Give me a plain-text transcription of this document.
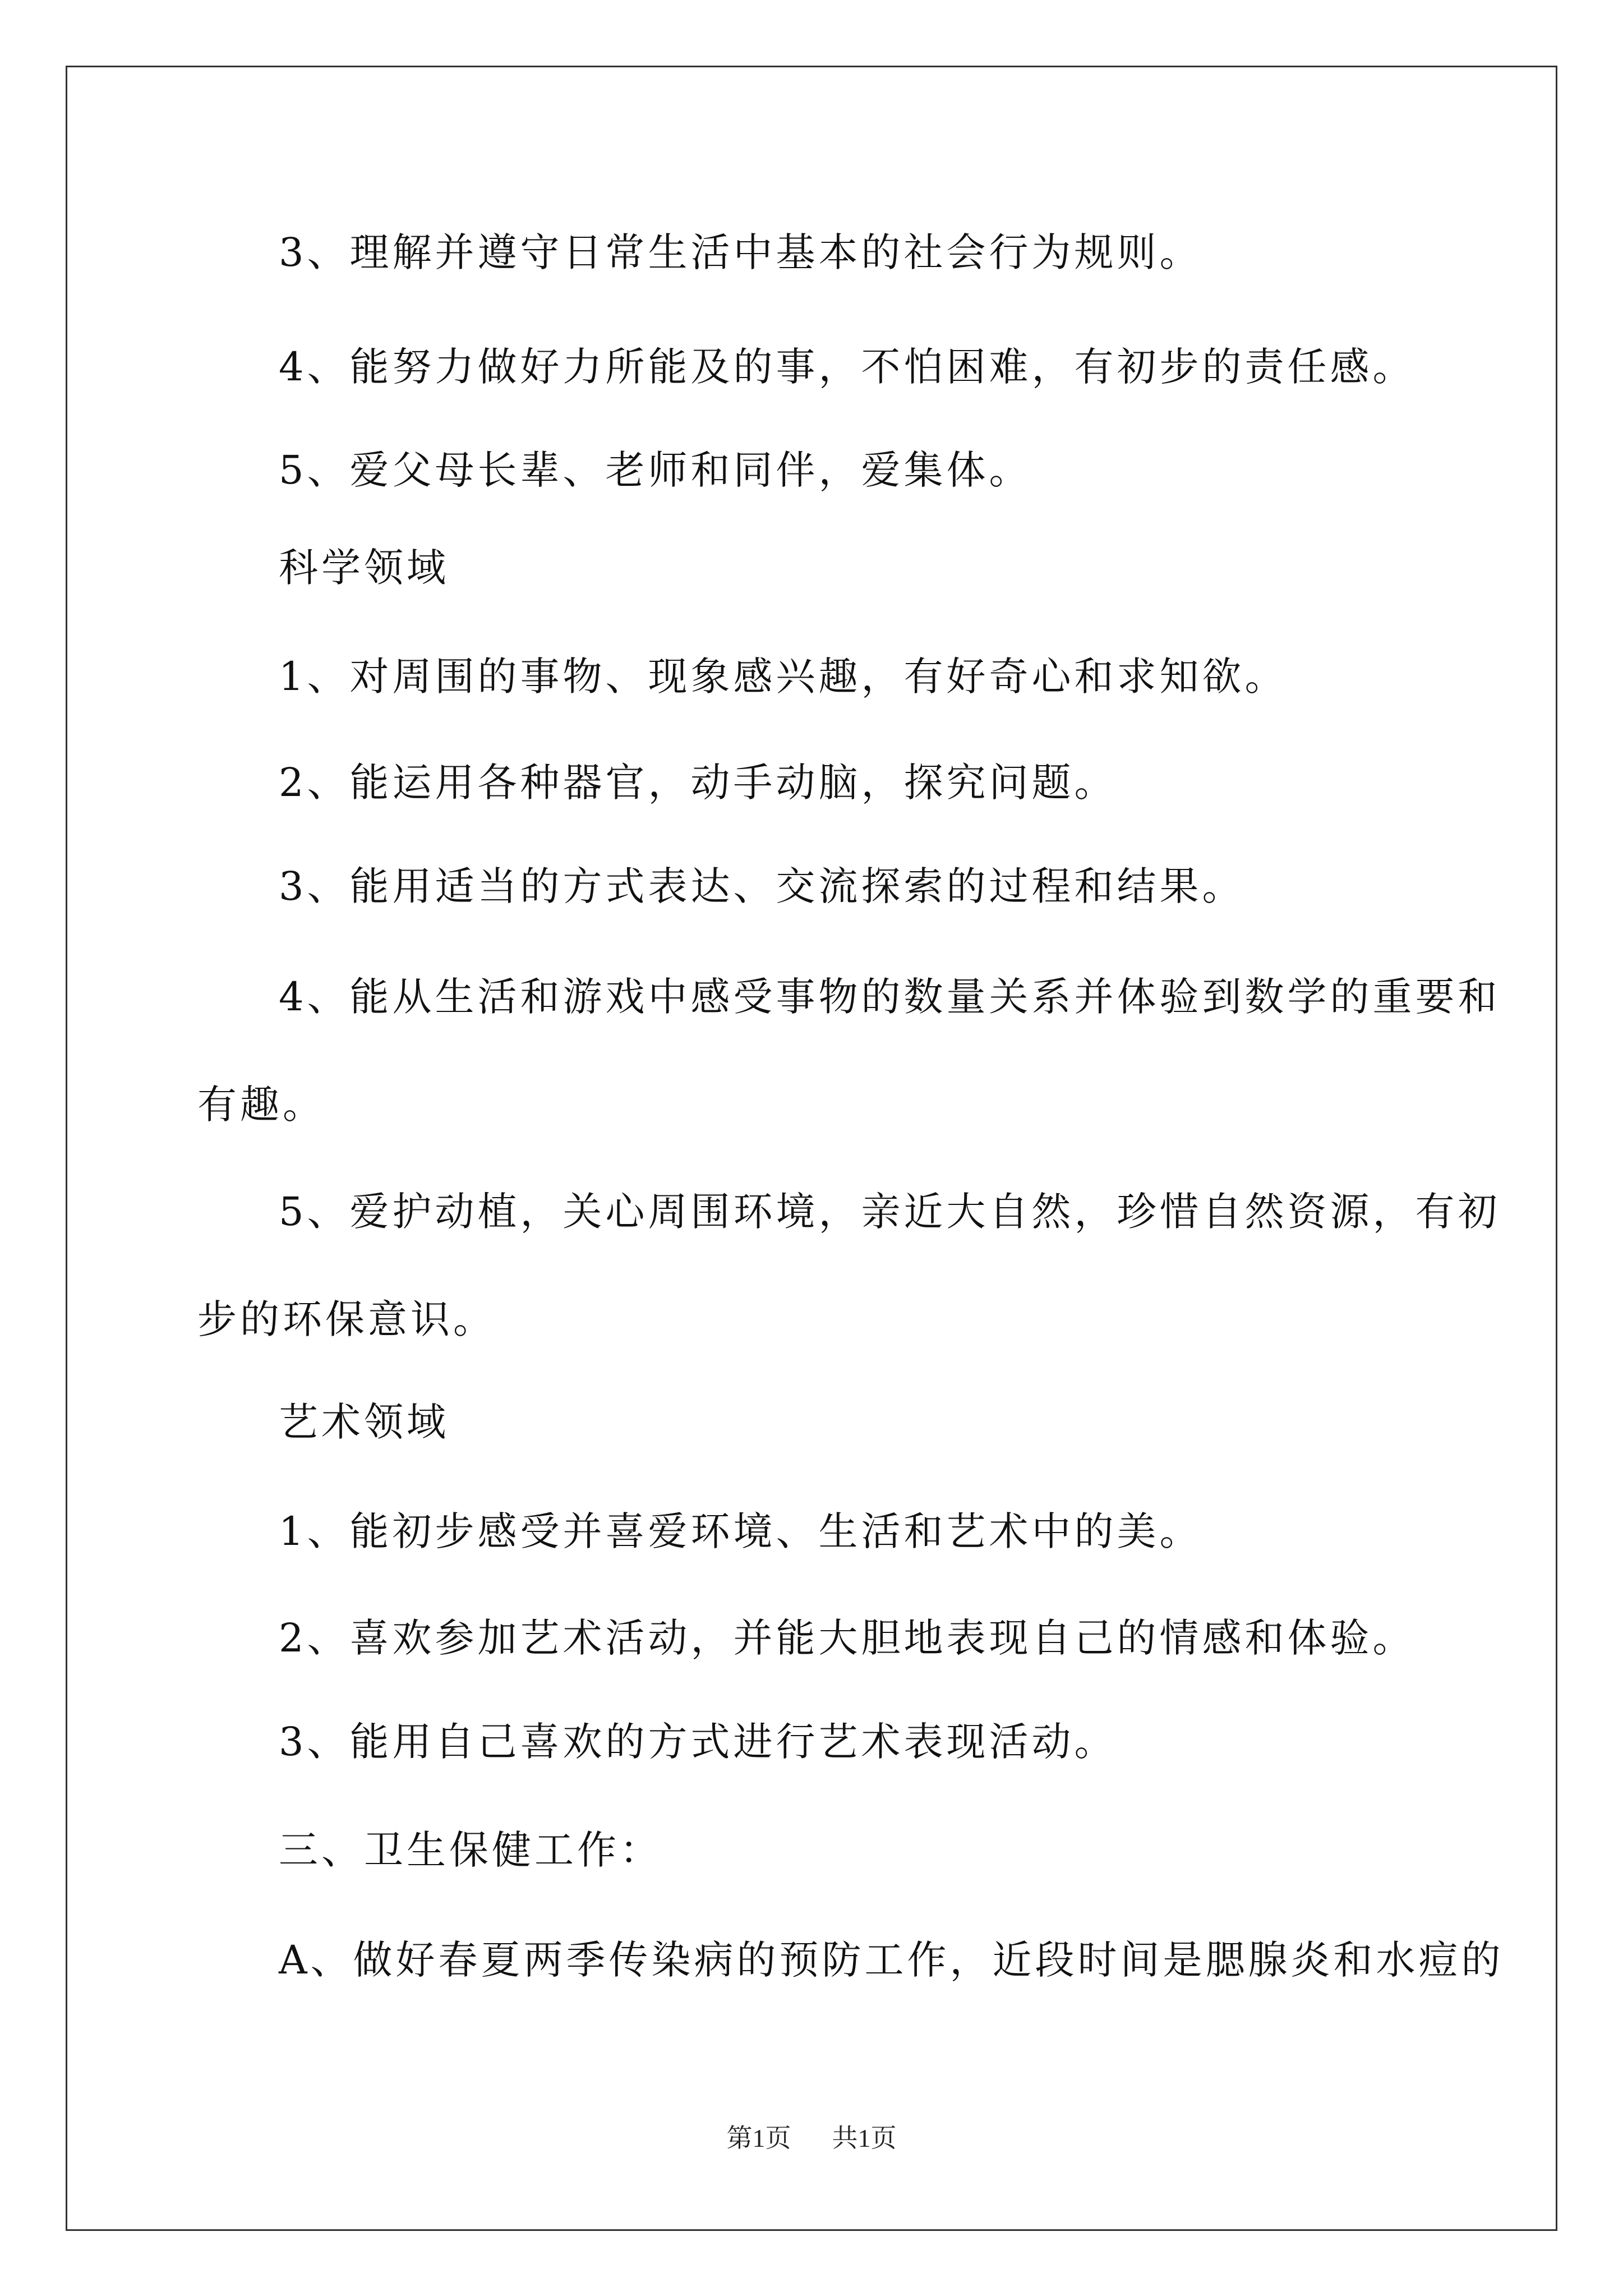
3、理解并遵守日常生活中基本的社会行为规则。
4、能努力做好力所能及的事，不怕困难，有初步的责任感。
5、爱父母长辈、老师和同伴，爱集体。
科学领域
1、对周围的事物、现象感兴趣，有好奇心和求知欲。
2、能运用各种器官，动手动脑，探究问题。
3、能用适当的方式表达、交流探索的过程和结果。
4、能从生活和游戏中感受事物的数量关系并体验到数学的重要和
有趣。
5、爱护动植，关心周围环境，亲近大自然，珍惜自然资源，有初
步的环保意识。
艺术领域
1、能初步感受并喜爱环境、生活和艺术中的美。
2、喜欢参加艺术活动，并能大胆地表现自己的情感和体验。
3、能用自己喜欢的方式进行艺术表现活动。
三、卫生保健工作：
A、做好春夏两季传染病的预防工作，近段时间是腮腺炎和水痘的
第1页 共1页
